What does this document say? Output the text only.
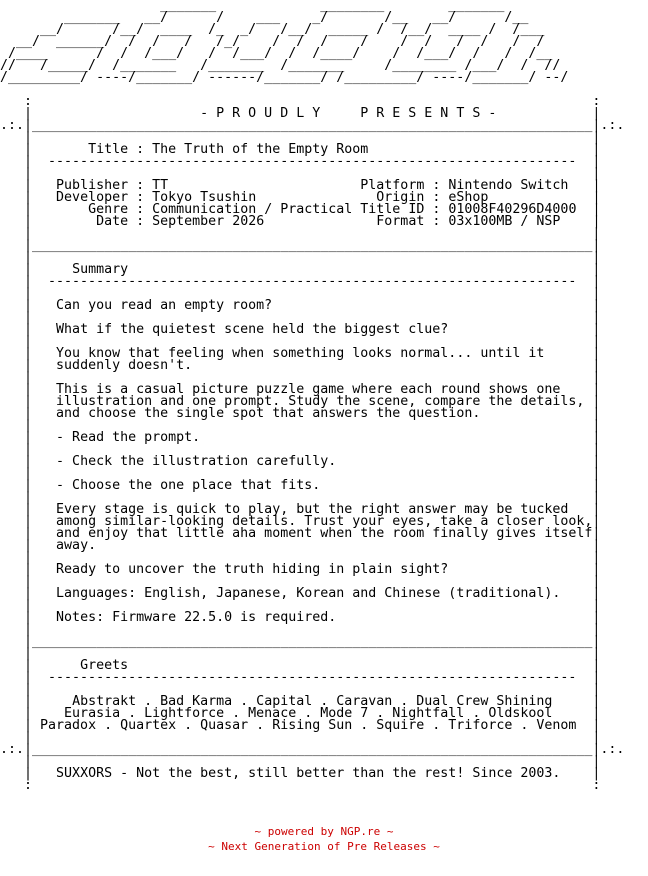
_______             ________        _______
_______   __/      /    ___    _/       /__   __/      /__
__/      /__/  ____  /_  _/   /__/  _____ /  /__/  ____ /  /___
__/  ______/  /  /   /   /_/    /  /  /    /    /  /   /  /   /  /
/____      /  /  /___/   /  /___/  /  /____/    /  /___/  /   /  /__
//   /_____/  /_______   /_______  /_______     /________ /___/  /  //
/_________/ ----/_______/ ------/_______/ /_________/ ----/_______/ --/

:                                                                      :
|	- P R O U D L Y     P R E S E N T S -	|
.:.|______________________________________________________________________|.:.
|                                                                      |
|	Title : The Truth of the Empty Room	|
|  ------------------------------------------------------------------  |
|                                                                      |
|   Publisher : TT                        Platform : Nintendo Switch   |
|   Developer : Tokyo Tsushin               Origin : eShop             |
|       Genre : Communication / Practical Title ID : 01008F40296D4000  |
|        Date : September 2026              Format : 03x100MB / NSP    |
|                                                                      |
|______________________________________________________________________|
|                                                                      |
|	Summary	|
|  ------------------------------------------------------------------  |
|                                                                      |
|   Can you read an empty room?                                        |
|	|
|   What if the quietest scene held the biggest clue?                  |
|	|
|   You know that feeling when something looks normal... until it      |
|   suddenly doesn't.                                                  |
|	|
|   This is a casual picture puzzle game where each round shows one    |
|   illustration and one prompt. Study the scene, compare the details, |
|   and choose the single spot that answers the question.              |
|	|
|   - Read the prompt.                                                 |
|	|
|   - Check the illustration carefully.                                |
|	|
|   - Choose the one place that fits.                                  |
|	|
|   Every stage is quick to play, but the right answer may be tucked   |
|   among similar-looking details. Trust your eyes, take a closer look,|
|   and enjoy that little aha moment when the room finally gives itself|
|   away.                                                              |
|	|
|   Ready to uncover the truth hiding in plain sight?                  |
|	|
|   Languages: English, Japanese, Korean and Chinese (traditional).    |
|	|
|   Notes: Firmware 22.5.0 is required.                                |
|                                                                      |
|______________________________________________________________________|
|                                                                      |
|	Greets	|
|  ------------------------------------------------------------------  |
|                                                                      |
|	Abstrakt . Bad Karma . Capital . Caravan . Dual Crew Shining	|
|    Eurasia . Lightforce . Menace . Mode 7 . Nightfall . Oldskool	|
| Paradox . Quartex . Quasar . Rising Sun . Squire . Triforce . Venom  |
|                                                                      |
.:.|______________________________________________________________________|.:.
|                                                                      |
|   SUXXORS - Not the best, still better than the rest! Since 2003.    |
:                                                                      :

~ powered by NGP.re ~
~ Next Generation of Pre Releases ~
